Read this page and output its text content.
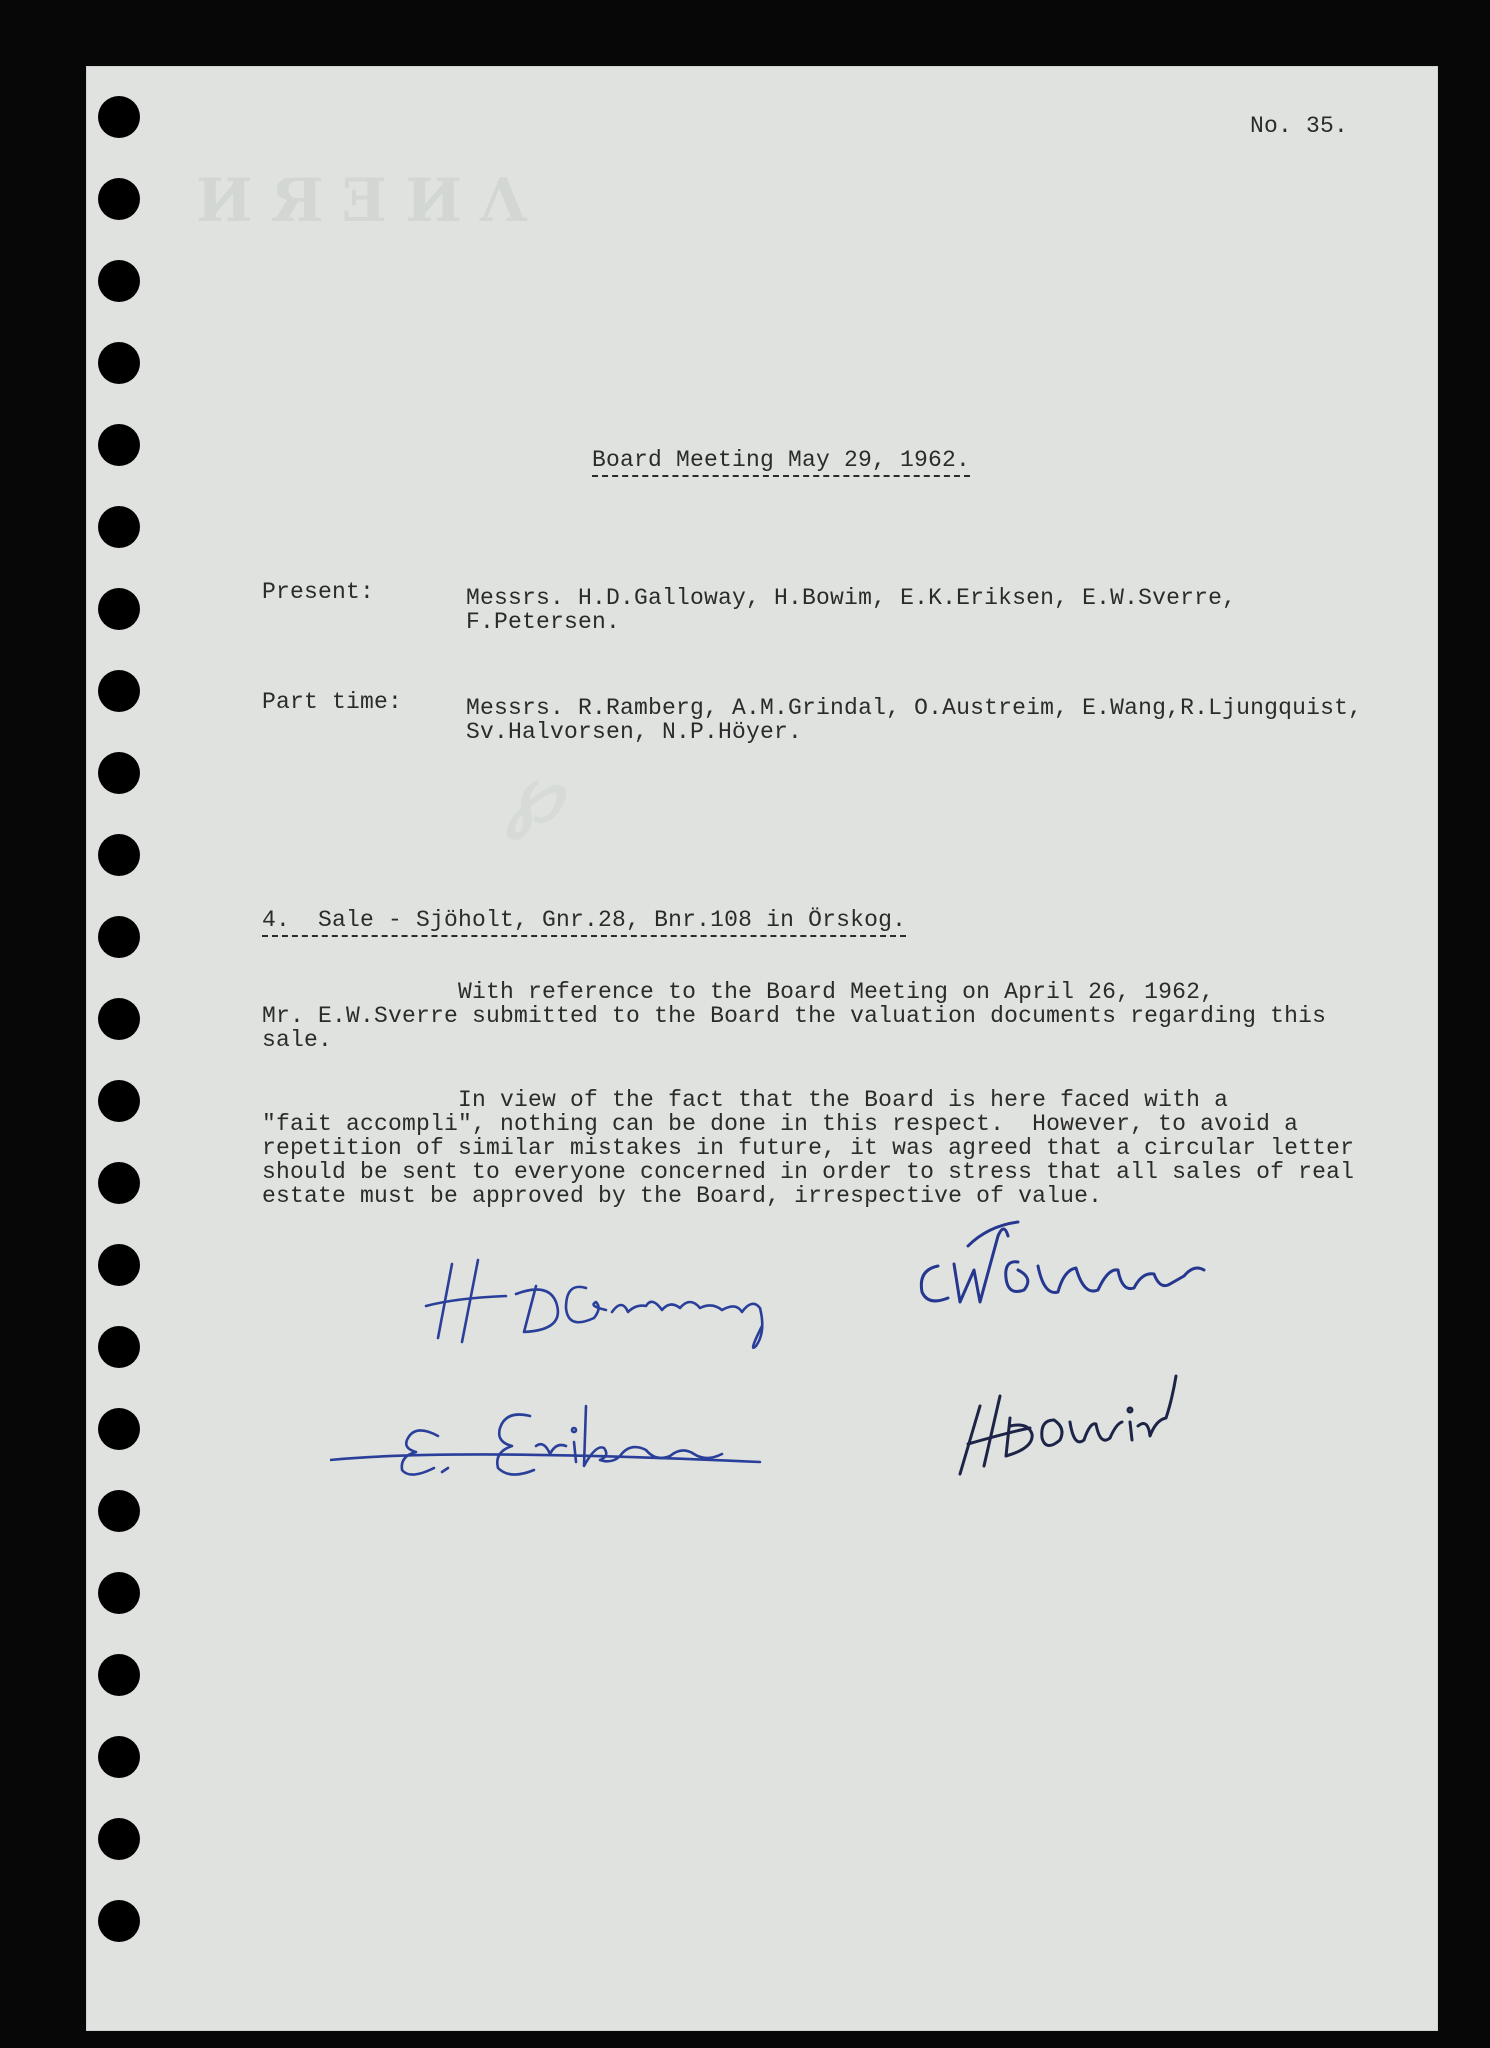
ИЯƎИΛ
℘
No. 35.
Board Meeting May 29, 1962.
Present:	Messrs. H.D.Galloway, H.Bowim, E.K.Eriksen, E.W.Sverre,
F.Petersen.
Part time:	Messrs. R.Ramberg, A.M.Grindal, O.Austreim, E.Wang,R.Ljungquist,
Sv.Halvorsen, N.P.Höyer.
4.  Sale - Sjöholt, Gnr.28, Bnr.108 in Örskog.
With reference to the Board Meeting on April 26, 1962,
Mr. E.W.Sverre submitted to the Board the valuation documents regarding this
sale.
In view of the fact that the Board is here faced with a
"fait accompli", nothing can be done in this respect.  However, to avoid a
repetition of similar mistakes in future, it was agreed that a circular letter
should be sent to everyone concerned in order to stress that all sales of real
estate must be approved by the Board, irrespective of value.
